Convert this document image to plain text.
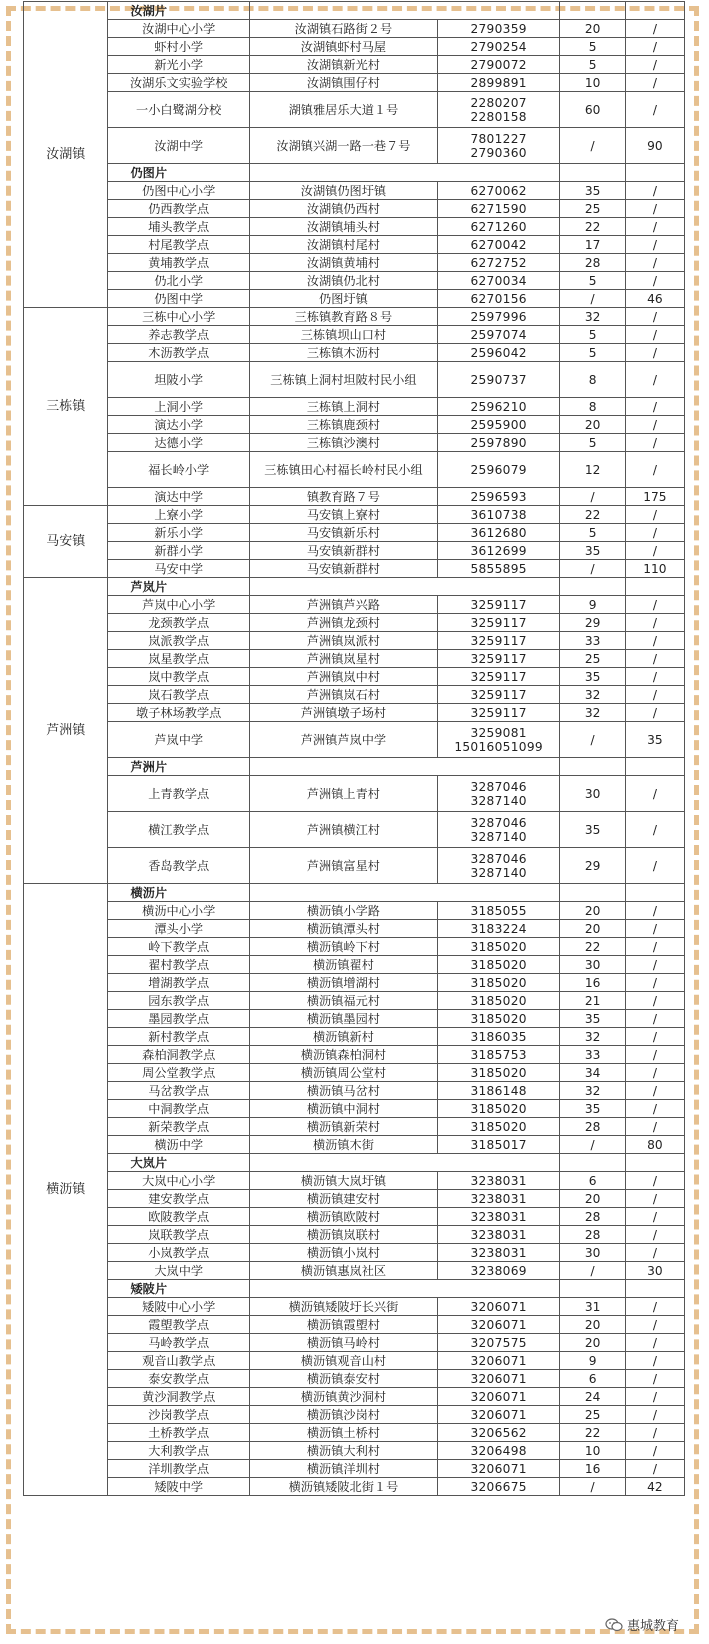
汝湖镇	汝湖片				
	汝湖中心小学	汝湖镇石路街２号	2790359	20	/
	虾村小学	汝湖镇虾村马屋	2790254	5	/
	新光小学	汝湖镇新光村	2790072	5	/
	汝湖乐文实验学校	汝湖镇围仔村	2899891	10	/
	一小白鹭湖分校	湖镇雅居乐大道１号	2280207
2280158	60	/
	汝湖中学	汝湖镇兴湖一路一巷７号	7801227
2790360	/	90
	仍图片				
	仍图中心小学	汝湖镇仍图圩镇	6270062	35	/
	仍西教学点	汝湖镇仍西村	6271590	25	/
	埔头教学点	汝湖镇埔头村	6271260	22	/
	村尾教学点	汝湖镇村尾村	6270042	17	/
	黄埔教学点	汝湖镇黄埔村	6272752	28	/
	仍北小学	汝湖镇仍北村	6270034	5	/
	仍图中学	仍图圩镇	6270156	/	46
三栋镇	三栋中心小学	三栋镇教育路８号	2597996	32	/
	养志教学点	三栋镇坝山口村	2597074	5	/
	木沥教学点	三栋镇木沥村	2596042	5	/
	坦陂小学	三栋镇上洞村坦陂村民小组	2590737	8	/
	上洞小学	三栋镇上洞村	2596210	8	/
	演达小学	三栋镇鹿颈村	2595900	20	/
	达德小学	三栋镇沙澳村	2597890	5	/
	福长岭小学	三栋镇田心村福长岭村民小组	2596079	12	/
	演达中学	镇教育路７号	2596593	/	175
马安镇	上寮小学	马安镇上寮村	3610738	22	/
	新乐小学	马安镇新乐村	3612680	5	/
	新群小学	马安镇新群村	3612699	35	/
	马安中学	马安镇新群村	5855895	/	110
芦洲镇	芦岚片				
	芦岚中心小学	芦洲镇芦兴路	3259117	9	/
	龙颈教学点	芦洲镇龙颈村	3259117	29	/
	岚派教学点	芦洲镇岚派村	3259117	33	/
	岚星教学点	芦洲镇岚星村	3259117	25	/
	岚中教学点	芦洲镇岚中村	3259117	35	/
	岚石教学点	芦洲镇岚石村	3259117	32	/
	墩子林场教学点	芦洲镇墩子场村	3259117	32	/
	芦岚中学	芦洲镇芦岚中学	3259081
15016051099	/	35
	芦洲片				
	上青教学点	芦洲镇上青村	3287046
3287140	30	/
	横江教学点	芦洲镇横江村	3287046
3287140	35	/
	香岛教学点	芦洲镇富星村	3287046
3287140	29	/
横沥镇	横沥片				
	横沥中心小学	横沥镇小学路	3185055	20	/
	潭头小学	横沥镇潭头村	3183224	20	/
	岭下教学点	横沥镇岭下村	3185020	22	/
	翟村教学点	横沥镇翟村	3185020	30	/
	增湖教学点	横沥镇增湖村	3185020	16	/
	园东教学点	横沥镇福元村	3185020	21	/
	墨园教学点	横沥镇墨园村	3185020	35	/
	新村教学点	横沥镇新村	3186035	32	/
	森柏洞教学点	横沥镇森柏洞村	3185753	33	/
	周公堂教学点	横沥镇周公堂村	3185020	34	/
	马岔教学点	横沥镇马岔村	3186148	32	/
	中洞教学点	横沥镇中洞村	3185020	35	/
	新荣教学点	横沥镇新荣村	3185020	28	/
	横沥中学	横沥镇木街	3185017	/	80
	大岚片				
	大岚中心小学	横沥镇大岚圩镇	3238031	6	/
	建安教学点	横沥镇建安村	3238031	20	/
	欧陂教学点	横沥镇欧陂村	3238031	28	/
	岚联教学点	横沥镇岚联村	3238031	28	/
	小岚教学点	横沥镇小岚村	3238031	30	/
	大岚中学	横沥镇惠岚社区	3238069	/	30
	矮陂片				
	矮陂中心小学	横沥镇矮陂圩长兴街	3206071	31	/
	霞塱教学点	横沥镇霞塱村	3206071	20	/
	马岭教学点	横沥镇马岭村	3207575	20	/
	观音山教学点	横沥镇观音山村	3206071	9	/
	泰安教学点	横沥镇泰安村	3206071	6	/
	黄沙洞教学点	横沥镇黄沙洞村	3206071	24	/
	沙岗教学点	横沥镇沙岗村	3206071	25	/
	土桥教学点	横沥镇土桥村	3206562	22	/
	大利教学点	横沥镇大利村	3206498	10	/
	洋圳教学点	横沥镇洋圳村	3206071	16	/
	矮陂中学	横沥镇矮陂北街１号	3206675	/	42
惠城教育
